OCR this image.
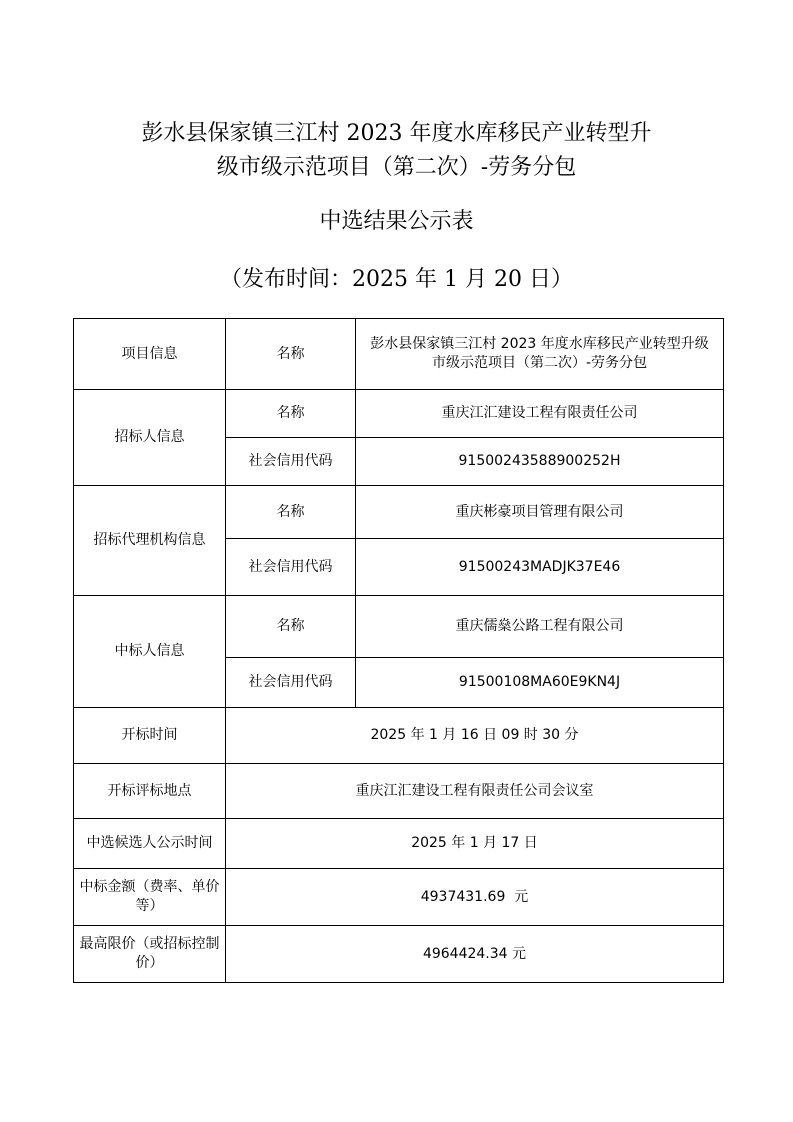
彭水县保家镇三江村 2023 年度水库移民产业转型升
级市级示范项目（第二次）-劳务分包
中选结果公示表
（发布时间：2025 年 1 月 20 日）
项目信息	名称	彭水县保家镇三江村 2023 年度水库移民产业转型升级市级示范项目（第二次）-劳务分包
招标人信息	名称	重庆江汇建设工程有限责任公司
	社会信用代码	91500243588900252H
招标代理机构信息	名称	重庆彬豪项目管理有限公司
	社会信用代码	91500243MADJK37E46
中标人信息	名称	重庆儒燊公路工程有限公司
	社会信用代码	91500108MA60E9KN4J
开标时间	2025 年 1 月 16 日 09 时 30 分	
开标评标地点	重庆江汇建设工程有限责任公司会议室	
中选候选人公示时间	2025 年 1 月 17 日	
中标金额（费率、单价等）	4937431.69  元	
最高限价（或招标控制价）	4964424.34 元	
